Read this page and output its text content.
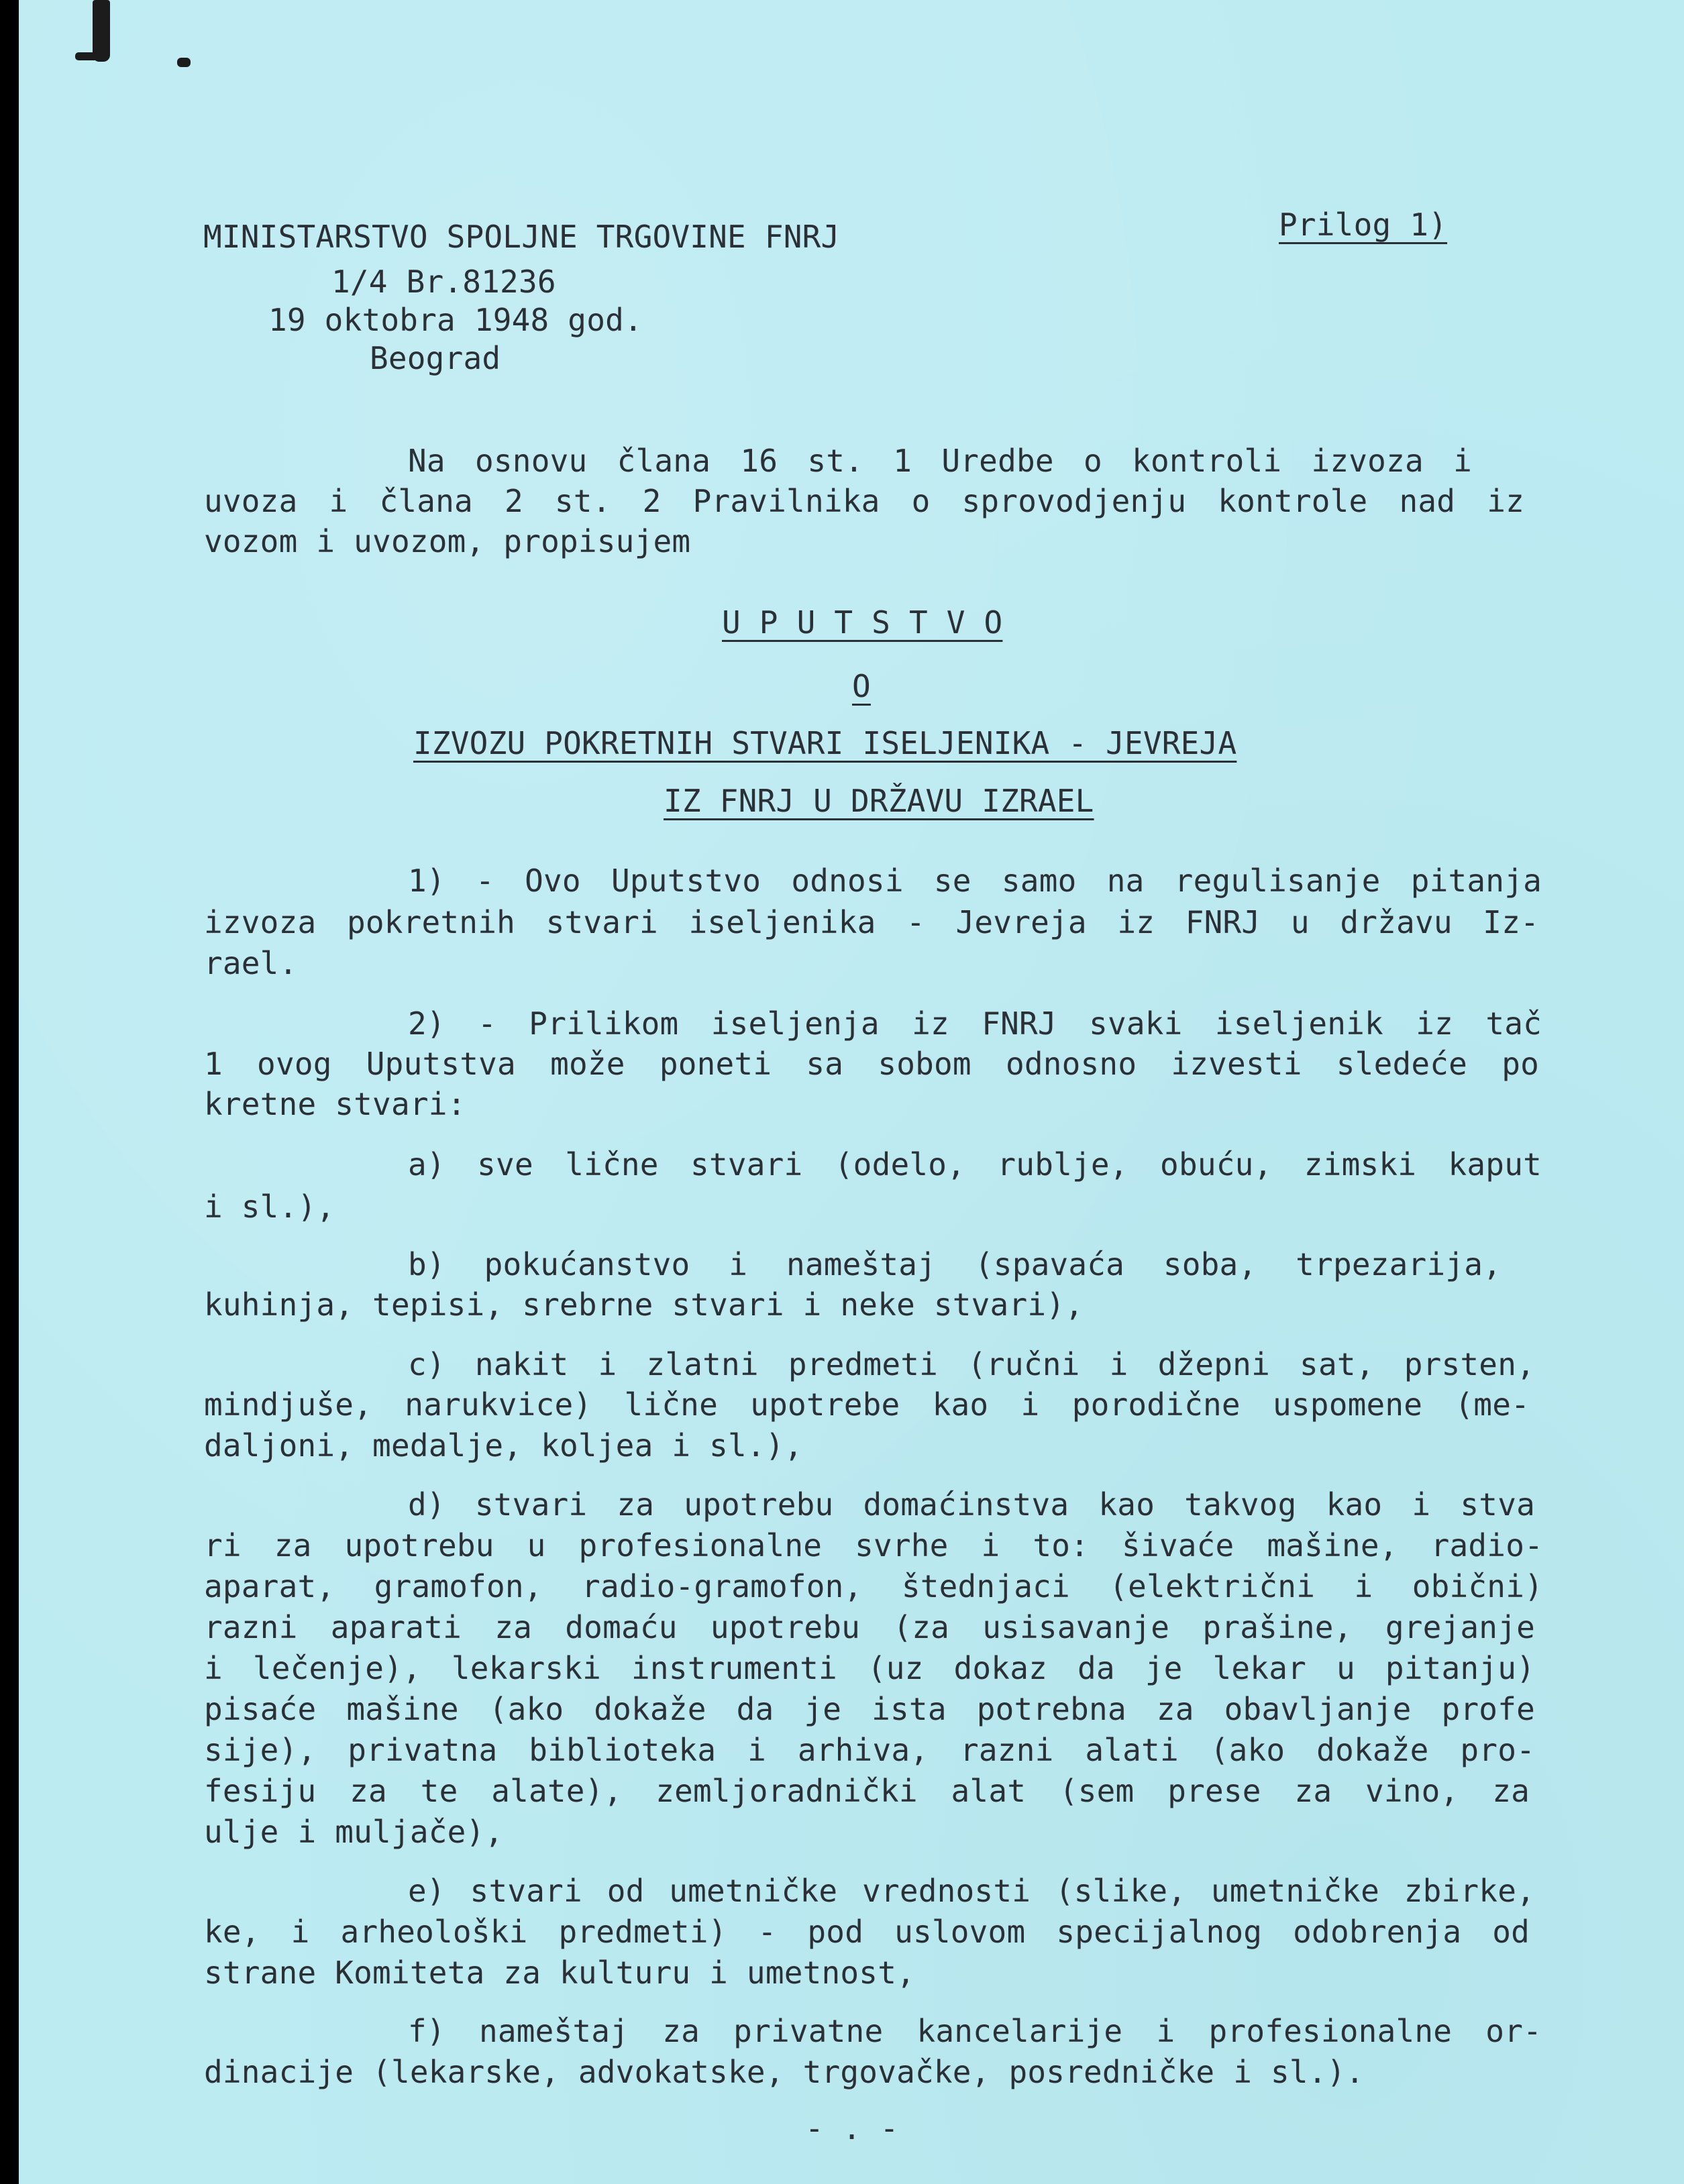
MINISTARSTVO SPOLJNE TRGOVINE FNRJ	Prilog 1)
1/4 Br.81236
19 oktobra 1948 god.
Beograd
Na osnovu člana 16 st. 1 Uredbe o kontroli izvoza i
uvoza i člana 2 st. 2 Pravilnika o sprovodjenju kontrole nad iz
vozom i uvozom, propisujem
U P U T S T V O
O
IZVOZU POKRETNIH STVARI ISELJENIKA - JEVREJA
IZ FNRJ U DRŽAVU IZRAEL
1) - Ovo Uputstvo odnosi se samo na regulisanje pitanja
izvoza pokretnih stvari iseljenika - Jevreja iz FNRJ u državu Iz-
rael.
2) - Prilikom iseljenja iz FNRJ svaki iseljenik iz tač
1 ovog Uputstva može poneti sa sobom odnosno izvesti sledeće po
kretne stvari:
a) sve lične stvari (odelo, rublje, obuću, zimski kaput
i sl.),
b) pokućanstvo i nameštaj (spavaća soba, trpezarija,
kuhinja, tepisi, srebrne stvari i neke stvari),
c) nakit i zlatni predmeti (ručni i džepni sat, prsten,
mindjuše, narukvice) lične upotrebe kao i porodične uspomene (me-
daljoni, medalje, koljea i sl.),
d) stvari za upotrebu domaćinstva kao takvog kao i stva
ri za upotrebu u profesionalne svrhe i to: šivaće mašine, radio-
aparat, gramofon, radio-gramofon, štednjaci (električni i obični)
razni aparati za domaću upotrebu (za usisavanje prašine, grejanje
i lečenje), lekarski instrumenti (uz dokaz da je lekar u pitanju)
pisaće mašine (ako dokaže da je ista potrebna za obavljanje profe
sije), privatna biblioteka i arhiva, razni alati (ako dokaže pro-
fesiju za te alate), zemljoradnički alat (sem prese za vino, za
ulje i muljače),
e) stvari od umetničke vrednosti (slike, umetničke zbirke,
ke, i arheološki predmeti) - pod uslovom specijalnog odobrenja od
strane Komiteta za kulturu i umetnost,
f) nameštaj za privatne kancelarije i profesionalne or-
dinacije (lekarske, advokatske, trgovačke, posredničke i sl.).
- . -
